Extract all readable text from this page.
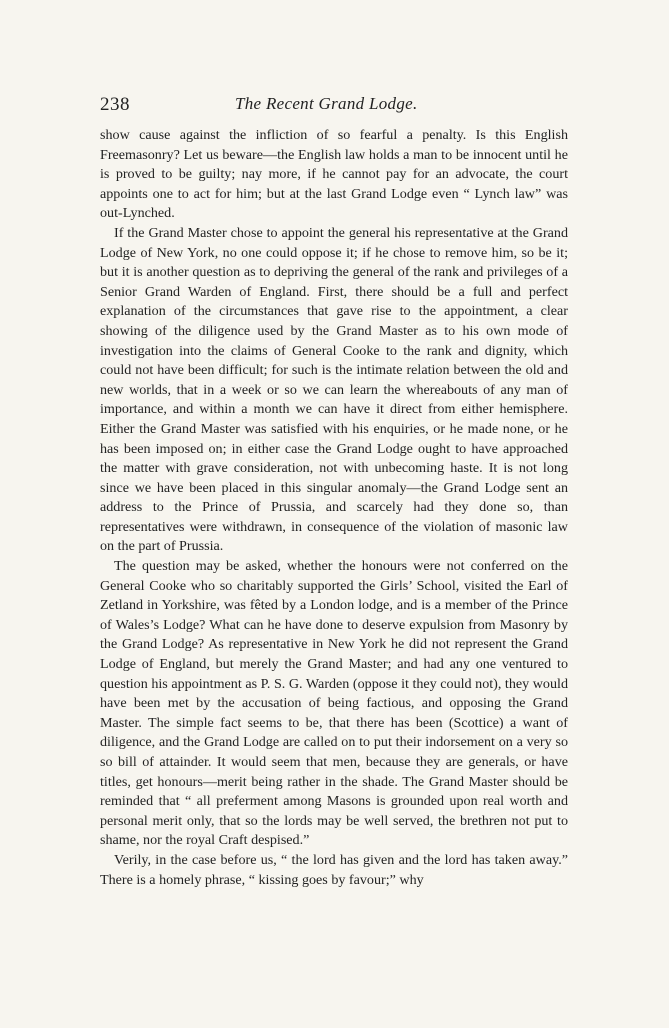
238	The Recent Grand Lodge.

show cause against the infliction of so fearful a penalty. Is this English Freemasonry? Let us beware—the English law holds a man to be innocent until he is proved to be guilty; nay more, if he cannot pay for an advocate, the court appoints one to act for him; but at the last Grand Lodge even “ Lynch law” was out-Lynched.

If the Grand Master chose to appoint the general his representative at the Grand Lodge of New York, no one could oppose it; if he chose to remove him, so be it; but it is another question as to depriving the general of the rank and privileges of a Senior Grand Warden of England. First, there should be a full and perfect explanation of the circumstances that gave rise to the appointment, a clear showing of the diligence used by the Grand Master as to his own mode of investigation into the claims of General Cooke to the rank and dignity, which could not have been difficult; for such is the intimate relation between the old and new worlds, that in a week or so we can learn the whereabouts of any man of importance, and within a month we can have it direct from either hemisphere. Either the Grand Master was satisfied with his enquiries, or he made none, or he has been imposed on; in either case the Grand Lodge ought to have approached the matter with grave consideration, not with unbecoming haste. It is not long since we have been placed in this singular anomaly—the Grand Lodge sent an address to the Prince of Prussia, and scarcely had they done so, than representatives were withdrawn, in consequence of the violation of masonic law on the part of Prussia.

The question may be asked, whether the honours were not conferred on the General Cooke who so charitably supported the Girls’ School, visited the Earl of Zetland in Yorkshire, was fêted by a London lodge, and is a member of the Prince of Wales’s Lodge? What can he have done to deserve expulsion from Masonry by the Grand Lodge? As representative in New York he did not represent the Grand Lodge of England, but merely the Grand Master; and had any one ventured to question his appointment as P. S. G. Warden (oppose it they could not), they would have been met by the accusation of being factious, and opposing the Grand Master. The simple fact seems to be, that there has been (Scottice) a want of diligence, and the Grand Lodge are called on to put their indorsement on a very so so bill of attainder. It would seem that men, because they are generals, or have titles, get honours—merit being rather in the shade. The Grand Master should be reminded that “ all preferment among Masons is grounded upon real worth and personal merit only, that so the lords may be well served, the brethren not put to shame, nor the royal Craft despised.”

Verily, in the case before us, “ the lord has given and the lord has taken away.” There is a homely phrase, “ kissing goes by favour;” why
